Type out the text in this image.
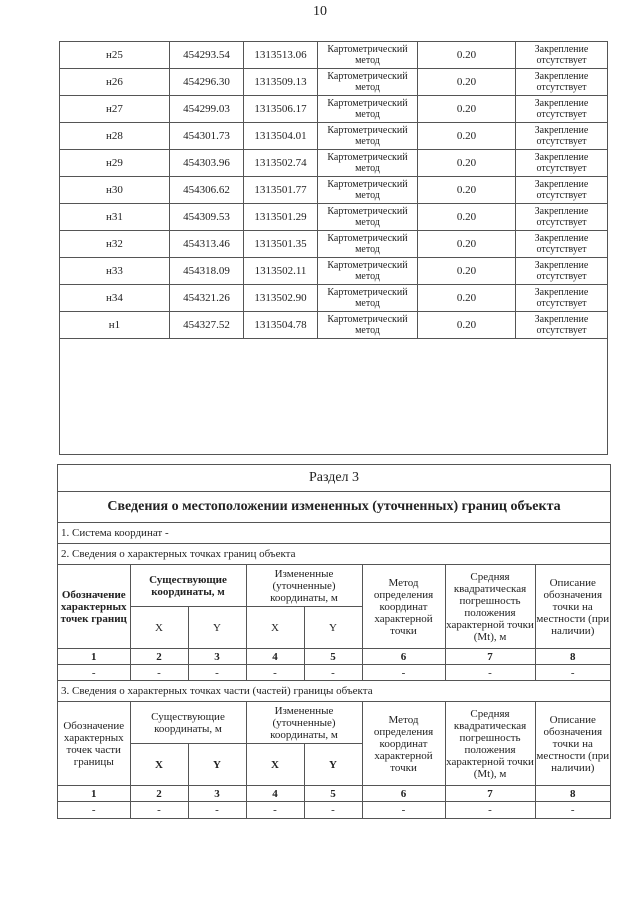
10
н25	454293.54	1313513.06	Картометрический метод	0.20	Закрепление отсутствует
н26	454296.30	1313509.13	Картометрический метод	0.20	Закрепление отсутствует
н27	454299.03	1313506.17	Картометрический метод	0.20	Закрепление отсутствует
н28	454301.73	1313504.01	Картометрический метод	0.20	Закрепление отсутствует
н29	454303.96	1313502.74	Картометрический метод	0.20	Закрепление отсутствует
н30	454306.62	1313501.77	Картометрический метод	0.20	Закрепление отсутствует
н31	454309.53	1313501.29	Картометрический метод	0.20	Закрепление отсутствует
н32	454313.46	1313501.35	Картометрический метод	0.20	Закрепление отсутствует
н33	454318.09	1313502.11	Картометрический метод	0.20	Закрепление отсутствует
н34	454321.26	1313502.90	Картометрический метод	0.20	Закрепление отсутствует
н1	454327.52	1313504.78	Картометрический метод	0.20	Закрепление отсутствует

Раздел 3
Сведения о местоположении измененных (уточненных) границ объекта
1. Система координат -
2. Сведения о характерных точках границ объекта
Обозначение характерных точек границ	Существующие координаты, м		Измененные (уточненные) координаты, м		Метод определения координат характерной точки	Средняя квадратическая погрешность положения характерной точки (Мt), м	Описание обозначения точки на местности (при наличии)
	X	Y	X	Y			
1	2	3	4	5	6	7	8
-	-	-	-	-	-	-	-
3. Сведения о характерных точках части (частей) границы объекта
Обозначение характерных точек части границы	Существующие координаты, м		Измененные (уточненные) координаты, м		Метод определения координат характерной точки	Средняя квадратическая погрешность положения характерной точки (Мt), м	Описание обозначения точки на местности (при наличии)
	X	Y	X	Y			
1	2	3	4	5	6	7	8
-	-	-	-	-	-	-	-
